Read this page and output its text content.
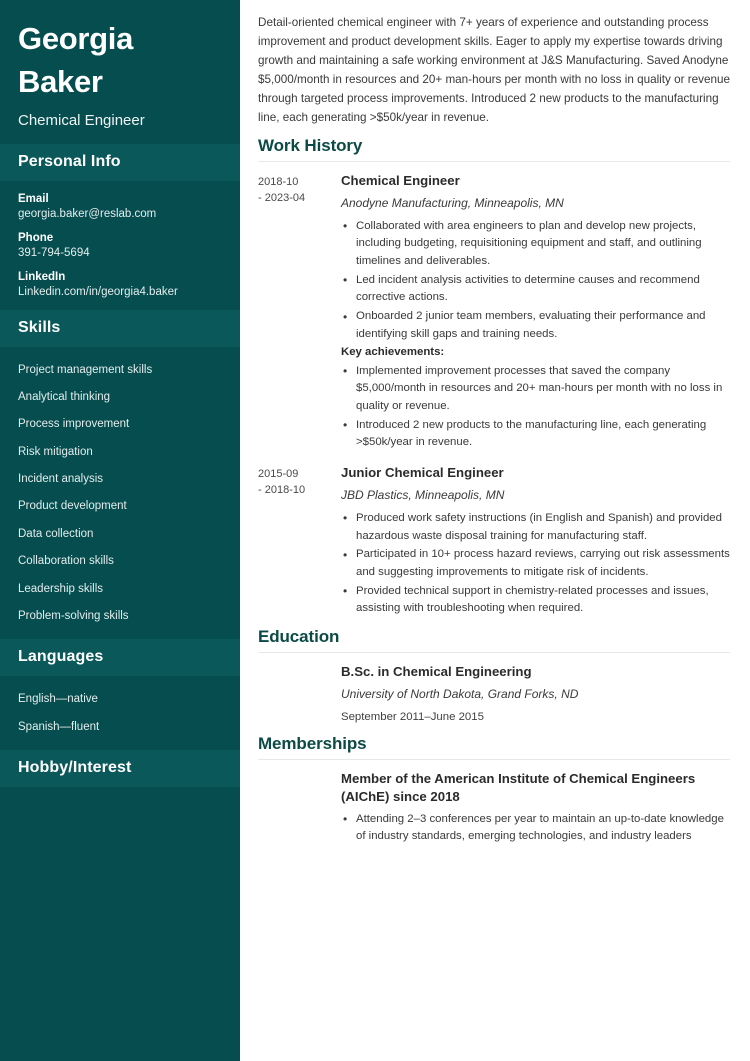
Georgia
Baker
Chemical Engineer
Personal Info
Email
georgia.baker@reslab.com
Phone
391-794-5694
LinkedIn
Linkedin.com/in/georgia4.baker
Skills
Project management skills
Analytical thinking
Process improvement
Risk mitigation
Incident analysis
Product development
Data collection
Collaboration skills
Leadership skills
Problem-solving skills
Languages
English—native
Spanish—fluent
Hobby/Interest

Detail-oriented chemical engineer with 7+ years of experience and outstanding process improvement and product development skills. Eager to apply my expertise towards driving growth and maintaining a safe working environment at J&S Manufacturing. Saved Anodyne $5,000/month in resources and 20+ man-hours per month with no loss in quality or revenue through targeted process improvements. Introduced 2 new products to the manufacturing line, each generating >$50k/year in revenue.

Work History
2018-10
- 2023-04
Chemical Engineer
Anodyne Manufacturing, Minneapolis, MN
• Collaborated with area engineers to plan and develop new projects, including budgeting, requisitioning equipment and staff, and outlining timelines and deliverables.
• Led incident analysis activities to determine causes and recommend corrective actions.
• Onboarded 2 junior team members, evaluating their performance and identifying skill gaps and training needs.
Key achievements:
• Implemented improvement processes that saved the company $5,000/month in resources and 20+ man-hours per month with no loss in quality or revenue.
• Introduced 2 new products to the manufacturing line, each generating >$50k/year in revenue.
2015-09
- 2018-10
Junior Chemical Engineer
JBD Plastics, Minneapolis, MN
• Produced work safety instructions (in English and Spanish) and provided hazardous waste disposal training for manufacturing staff.
• Participated in 10+ process hazard reviews, carrying out risk assessments and suggesting improvements to mitigate risk of incidents.
• Provided technical support in chemistry-related processes and issues, assisting with troubleshooting when required.
Education
B.Sc. in Chemical Engineering
University of North Dakota, Grand Forks, ND
September 2011–June 2015
Memberships
Member of the American Institute of Chemical Engineers (AIChE) since 2018
• Attending 2–3 conferences per year to maintain an up-to-date knowledge of industry standards, emerging technologies, and industry leaders
